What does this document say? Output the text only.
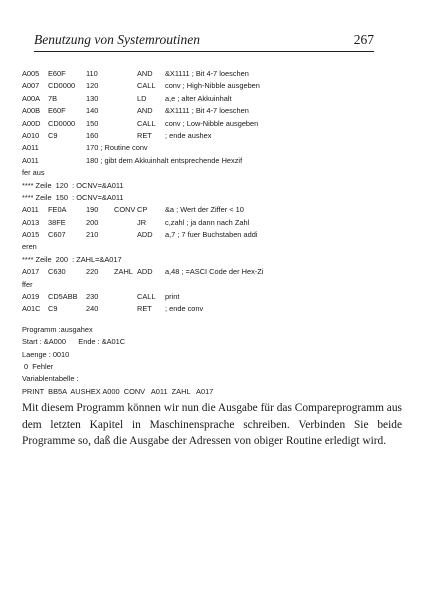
Benutzung von Systemroutinen	267
A005 E60F	110	AND &X1111 ; Bit 4-7 loeschen
A007 CD0000 120	CALL conv ; High-Nibble ausgeben
A00A 7B	130	LD	a,e ; alter Akkuinhalt
A00B E60F	140	AND &X1111 ; Bit 4-7 loeschen
A00D CD0000 150	CALL conv ; Low-Nibble ausgeben
A010 C9	160	RET ; ende aushex
A011	170 ; Routine conv
A011	180 ; gibt dem Akkuinhalt entsprechende Hexzif
fer aus
**** Zeile  120  : OCNV=&A011
**** Zeile  150  : OCNV=&A011
A011 FE0A	190 CONV CP &a ; Wert der Ziffer < 10
A013 38FE	200	JR	c,zahl ; ja dann nach Zahl
A015 C607	210	ADD a,7 ; 7 fuer Buchstaben addi
eren
**** Zeile  200  : ZAHL=&A017
A017 C630	220 ZAHL ADD a,48 ; =ASCI Code der Hex-Zi
ffer
A019 CD5ABB 230	CALL print
A01C C9	240	RET ; ende conv
Programm :ausgahex
Start : &A000      Ende : &A01C
Laenge : 0010
0  Fehler
Variablentabelle :
PRINT  BB5A  AUSHEX A000  CONV   A011  ZAHL   A017
Mit diesem Programm können wir nun die Ausgabe für das Compareprogramm aus dem letzten Kapitel in Maschinensprache schreiben. Verbinden Sie beide Programme so, daß die Ausgabe der Adressen von obiger Routine erledigt wird.
